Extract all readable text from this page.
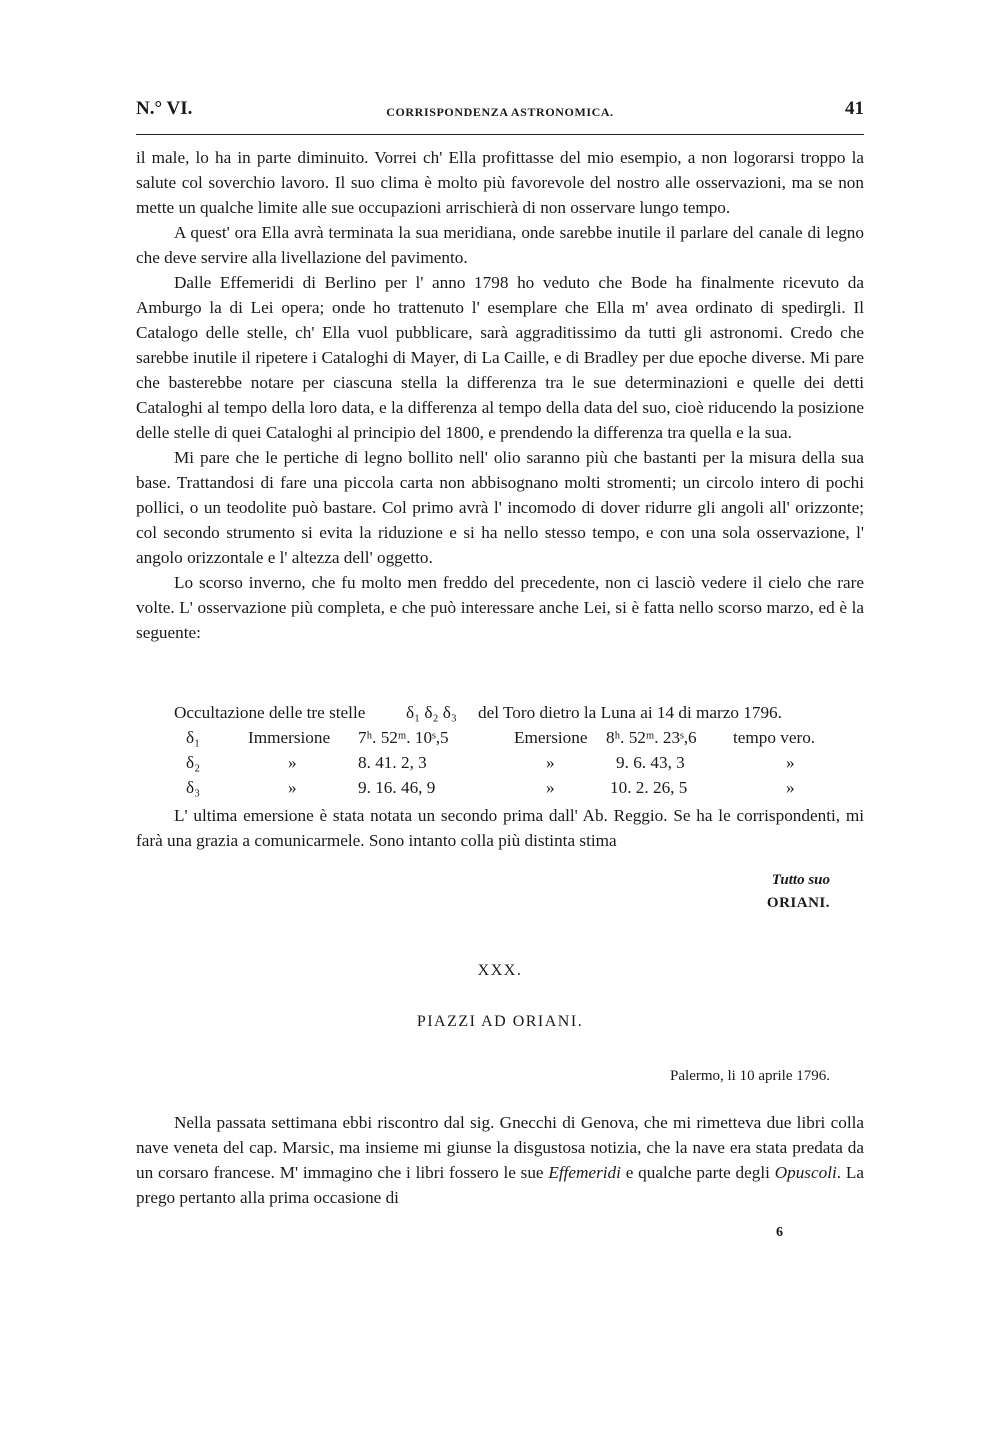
N.° VI.	CORRISPONDENZA ASTRONOMICA.	41

il male, lo ha in parte diminuito. Vorrei ch' Ella profittasse del mio esempio, a non logorarsi troppo la salute col soverchio lavoro. Il suo clima è molto più favorevole del nostro alle osservazioni, ma se non mette un qualche limite alle sue occupazioni arrischierà di non osservare lungo tempo.

A quest' ora Ella avrà terminata la sua meridiana, onde sarebbe inutile il parlare del canale di legno che deve servire alla livellazione del pavimento.

Dalle Effemeridi di Berlino per l' anno 1798 ho veduto che Bode ha finalmente ricevuto da Amburgo la di Lei opera; onde ho trattenuto l' esemplare che Ella m' avea ordinato di spedirgli. Il Catalogo delle stelle, ch' Ella vuol pubblicare, sarà aggraditissimo da tutti gli astronomi. Credo che sarebbe inutile il ripetere i Cataloghi di Mayer, di La Caille, e di Bradley per due epoche diverse. Mi pare che basterebbe notare per ciascuna stella la differenza tra le sue determinazioni e quelle dei detti Cataloghi al tempo della loro data, e la differenza al tempo della data del suo, cioè riducendo la posizione delle stelle di quei Cataloghi al principio del 1800, e prendendo la differenza tra quella e la sua.

Mi pare che le pertiche di legno bollito nell' olio saranno più che bastanti per la misura della sua base. Trattandosi di fare una piccola carta non abbisognano molti stromenti; un circolo intero di pochi pollici, o un teodolite può bastare. Col primo avrà l' incomodo di dover ridurre gli angoli all' orizzonte; col secondo strumento si evita la riduzione e si ha nello stesso tempo, e con una sola osservazione, l' angolo orizzontale e l' altezza dell' oggetto.

Lo scorso inverno, che fu molto men freddo del precedente, non ci lasciò vedere il cielo che rare volte. L' osservazione più completa, e che può interessare anche Lei, si è fatta nello scorso marzo, ed è la seguente:

Occultazione delle tre stelle δ₁ δ₂ δ₃ del Toro dietro la Luna ai 14 di marzo 1796.
δ₁	Immersione 7ʰ. 52ᵐ. 10ˢ,5	Emersione 8ʰ. 52ᵐ. 23ˢ,6 tempo vero.
δ₂	»	8. 41. 2, 3	»	9. 6. 43, 3	»
δ₃	»	9. 16. 46, 9	»	10. 2. 26, 5	»

L' ultima emersione è stata notata un secondo prima dall' Ab. Reggio. Se ha le corrispondenti, mi farà una grazia a comunicarmele. Sono intanto colla più distinta stima

Tutto suo
ORIANI.
XXX.
PIAZZI AD ORIANI.
Palermo, li 10 aprile 1796.

Nella passata settimana ebbi riscontro dal sig. Gnecchi di Genova, che mi rimetteva due libri colla nave veneta del cap. Marsic, ma insieme mi giunse la disgustosa notizia, che la nave era stata predata da un corsaro francese. M' immagino che i libri fossero le sue Effemeridi e qualche parte degli Opuscoli. La prego pertanto alla prima occasione di

6
